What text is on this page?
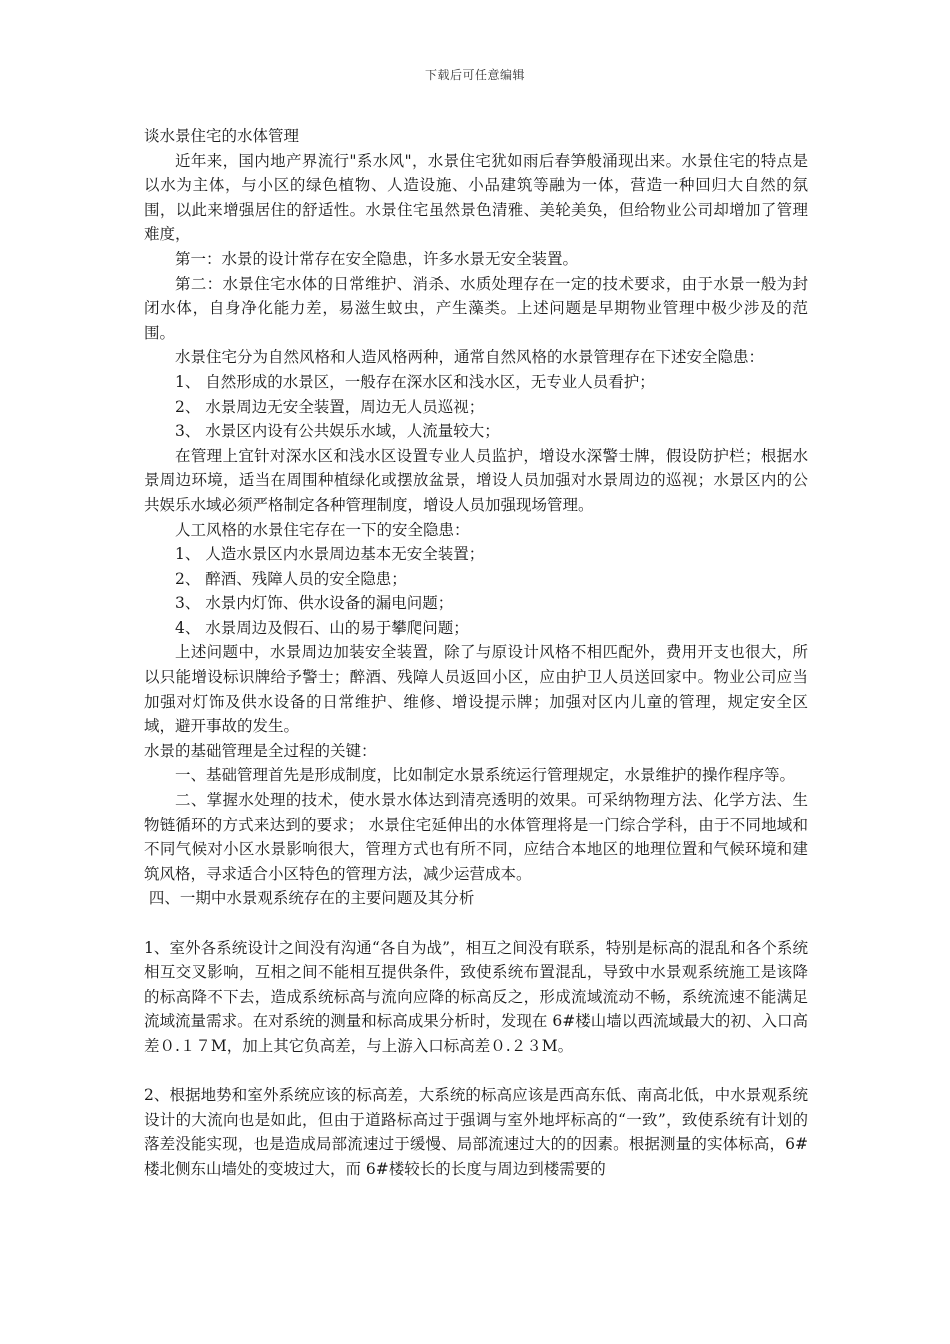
下载后可任意编辑

谈水景住宅的水体管理

近年来，国内地产界流行"系水风"，水景住宅犹如雨后春笋般涌现出来。水景住宅的特点是以水为主体，与小区的绿色植物、人造设施、小品建筑等融为一体，营造一种回归大自然的氛围，以此来增强居住的舒适性。水景住宅虽然景色清雅、美轮美奂，但给物业公司却增加了管理难度，

第一：水景的设计常存在安全隐患，许多水景无安全装置。

第二：水景住宅水体的日常维护、消杀、水质处理存在一定的技术要求，由于水景一般为封闭水体，自身净化能力差，易滋生蚊虫，产生藻类。上述问题是早期物业管理中极少涉及的范围。

水景住宅分为自然风格和人造风格两种，通常自然风格的水景管理存在下述安全隐患：

1、 自然形成的水景区，一般存在深水区和浅水区，无专业人员看护；

2、 水景周边无安全装置，周边无人员巡视；

3、 水景区内设有公共娱乐水域，人流量较大；

在管理上宜针对深水区和浅水区设置专业人员监护，增设水深警士牌，假设防护栏；根据水景周边环境，适当在周围种植绿化或摆放盆景，增设人员加强对水景周边的巡视；水景区内的公共娱乐水域必须严格制定各种管理制度，增设人员加强现场管理。

人工风格的水景住宅存在一下的安全隐患：

1、 人造水景区内水景周边基本无安全装置；

2、 醉酒、残障人员的安全隐患；

3、 水景内灯饰、供水设备的漏电问题；

4、 水景周边及假石、山的易于攀爬问题；

上述问题中，水景周边加装安全装置，除了与原设计风格不相匹配外，费用开支也很大，所以只能增设标识牌给予警士；醉酒、残障人员返回小区，应由护卫人员送回家中。物业公司应当加强对灯饰及供水设备的日常维护、维修、增设提示牌；加强对区内儿童的管理，规定安全区域，避开事故的发生。

水景的基础管理是全过程的关键：

一、基础管理首先是形成制度，比如制定水景系统运行管理规定，水景维护的操作程序等。

二、掌握水处理的技术，使水景水体达到清亮透明的效果。可采纳物理方法、化学方法、生物链循环的方式来达到的要求； 水景住宅延伸出的水体管理将是一门综合学科，由于不同地域和不同气候对小区水景影响很大，管理方式也有所不同，应结合本地区的地理位置和气候环境和建筑风格，寻求适合小区特色的管理方法，减少运营成本。

四、一期中水景观系统存在的主要问题及其分析

1、室外各系统设计之间没有沟通“各自为战”，相互之间没有联系，特别是标高的混乱和各个系统相互交叉影响，互相之间不能相互提供条件，致使系统布置混乱，导致中水景观系统施工是该降的标高降不下去，造成系统标高与流向应降的标高反之，形成流域流动不畅，系统流速不能满足流域流量需求。在对系统的测量和标高成果分析时，发现在 6#楼山墙以西流域最大的初、入口高差０.１７M，加上其它负高差，与上游入口标高差０.２３M。

2、根据地势和室外系统应该的标高差，大系统的标高应该是西高东低、南高北低，中水景观系统设计的大流向也是如此，但由于道路标高过于强调与室外地坪标高的“一致”，致使系统有计划的落差没能实现，也是造成局部流速过于缓慢、局部流速过大的的因素。根据测量的实体标高，6#楼北侧东山墙处的变坡过大，而 6#楼较长的长度与周边到楼需要的
